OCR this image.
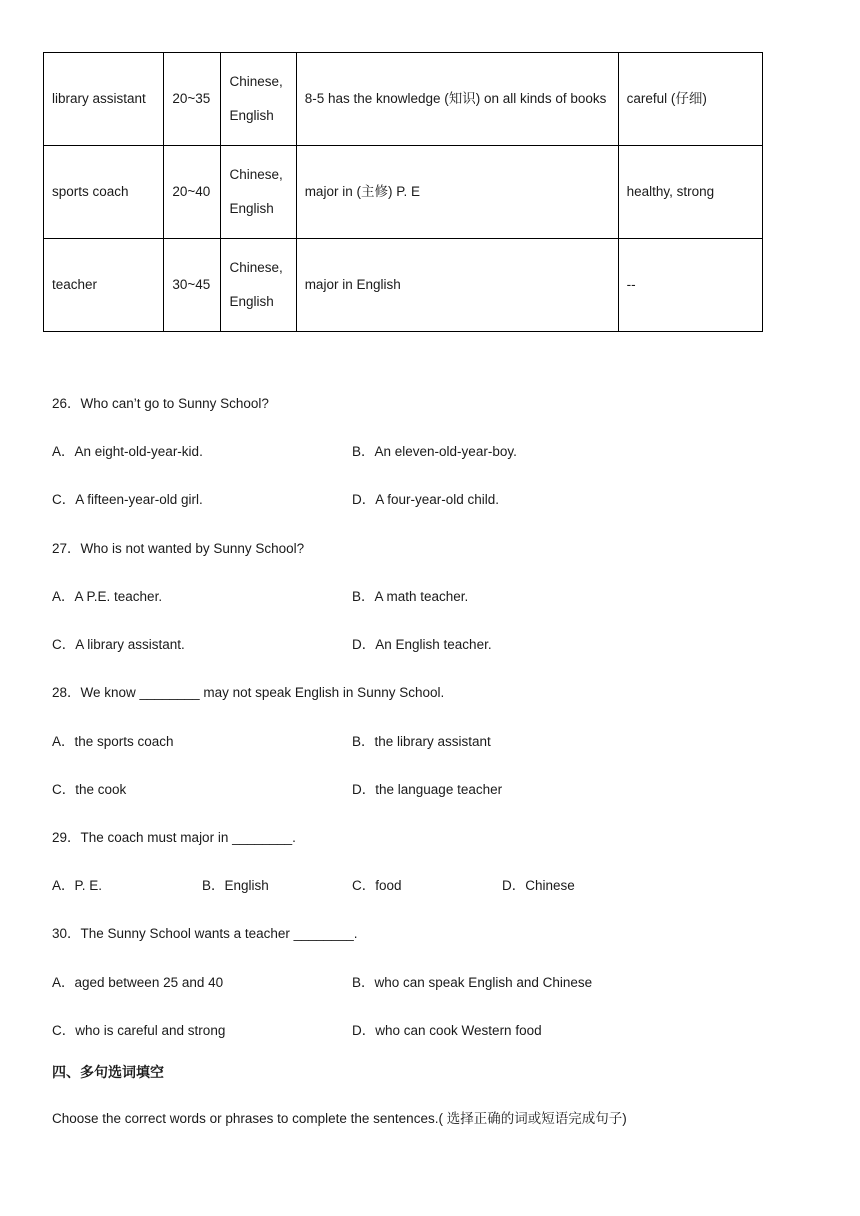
library assistant	20~35	Chinese, English	8-5 has the knowledge (知识) on all kinds of books	careful (仔细)
sports coach	20~40	Chinese, English	major in (主修) P. E	healthy, strong
teacher	30~45	Chinese, English	major in English	--
26．Who can’t go to Sunny School?
A．An eight-old-year-kid.	B．An eleven-old-year-boy.
C．A fifteen-year-old girl.	D．A four-year-old child.
27．Who is not wanted by Sunny School?
A．A P.E. teacher.	B．A math teacher.
C．A library assistant.	D．An English teacher.
28．We know ________ may not speak English in Sunny School.
A．the sports coach	B．the library assistant
C．the cook	D．the language teacher
29．The coach must major in ________.
A．P. E.	B．English	C．food	D．Chinese
30．The Sunny School wants a teacher ________.
A．aged between 25 and 40	B．who can speak English and Chinese
C．who is careful and strong	D．who can cook Western food
四、多句选词填空
Choose the correct words or phrases to complete the sentences.( 选择正确的词或短语完成句子)
